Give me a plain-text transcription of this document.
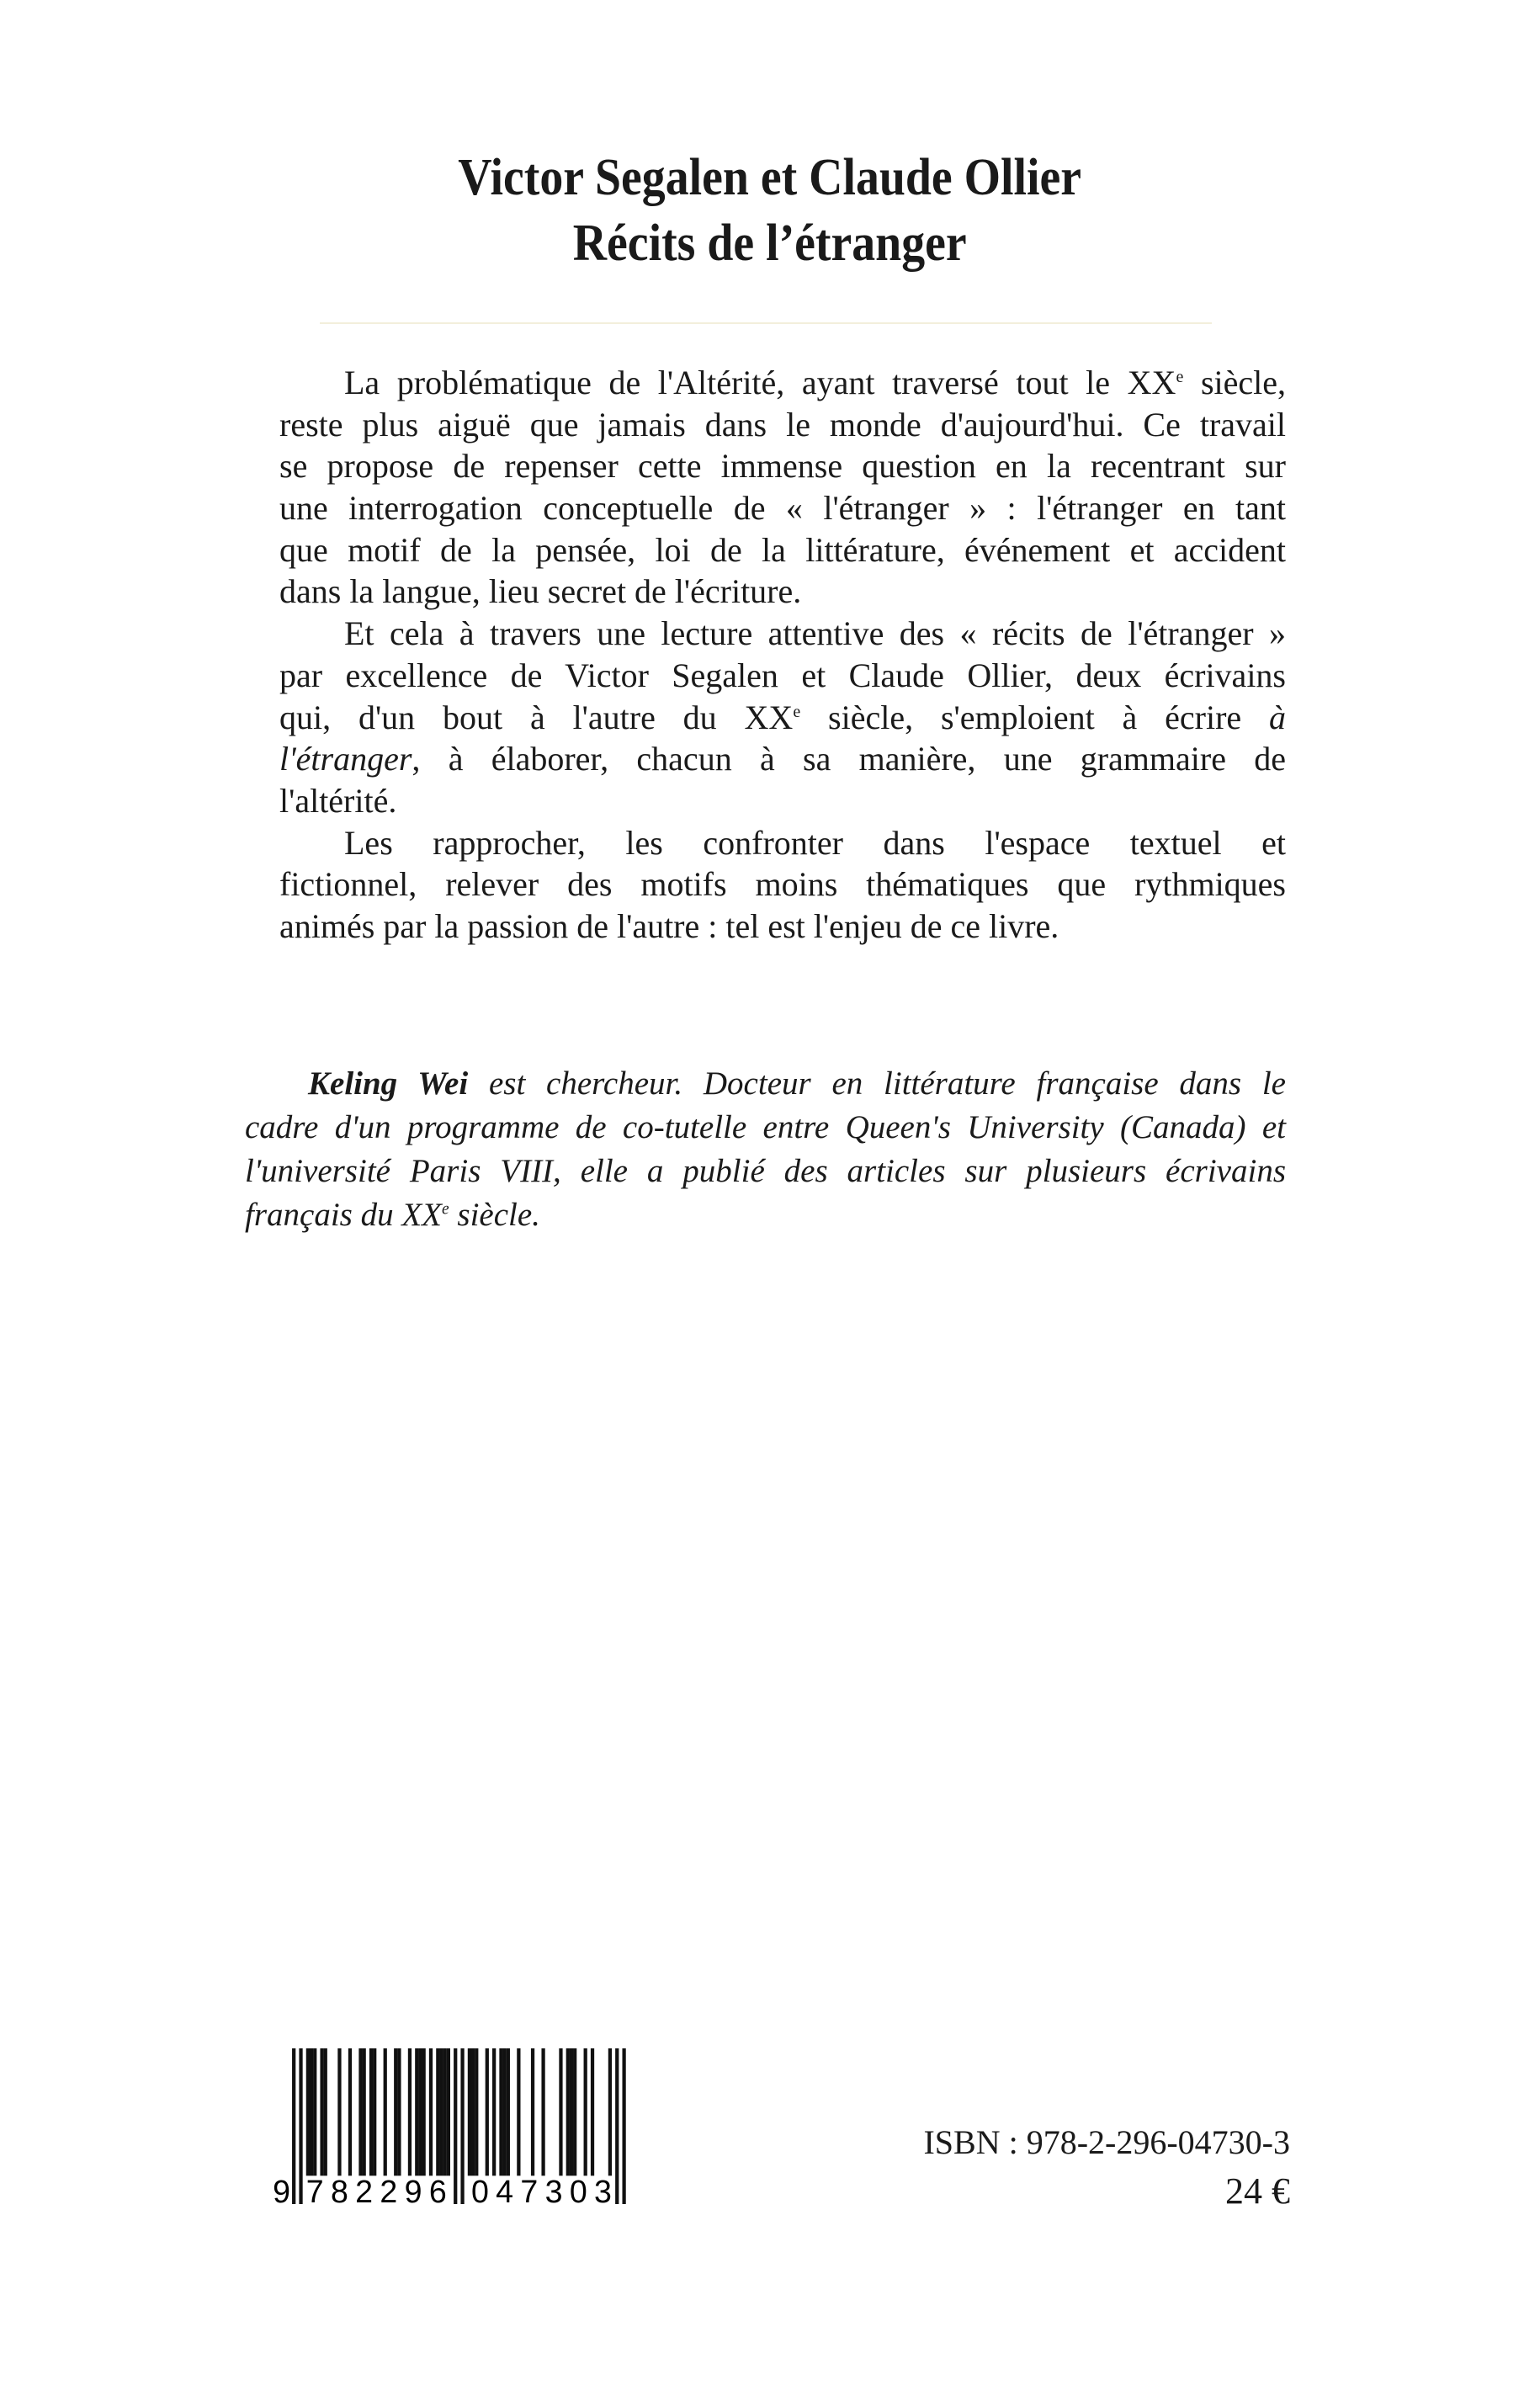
Victor Segalen et Claude Ollier
Récits de l’étranger
La problématique de l'Altérité, ayant traversé tout le XXe siècle,
reste plus aiguë que jamais dans le monde d'aujourd'hui. Ce travail
se propose de repenser cette immense question en la recentrant sur
une interrogation conceptuelle de « l'étranger » : l'étranger en tant
que motif de la pensée, loi de la littérature, événement et accident
dans la langue, lieu secret de l'écriture.
Et cela à travers une lecture attentive des « récits de l'étranger »
par excellence de Victor Segalen et Claude Ollier, deux écrivains
qui, d'un bout à l'autre du XXe siècle, s'emploient à écrire à
l'étranger, à élaborer, chacun à sa manière, une grammaire de
l'altérité.
Les rapprocher, les confronter dans l'espace textuel et
fictionnel, relever des motifs moins thématiques que rythmiques
animés par la passion de l'autre : tel est l'enjeu de ce livre.
Keling Wei est chercheur. Docteur en littérature française dans le
cadre d'un programme de co-tutelle entre Queen's University (Canada) et
l'université Paris VIII, elle a publié des articles sur plusieurs écrivains
français du XXe siècle.
9 782296	047303
ISBN : 978-2-296-04730-3
24 €
